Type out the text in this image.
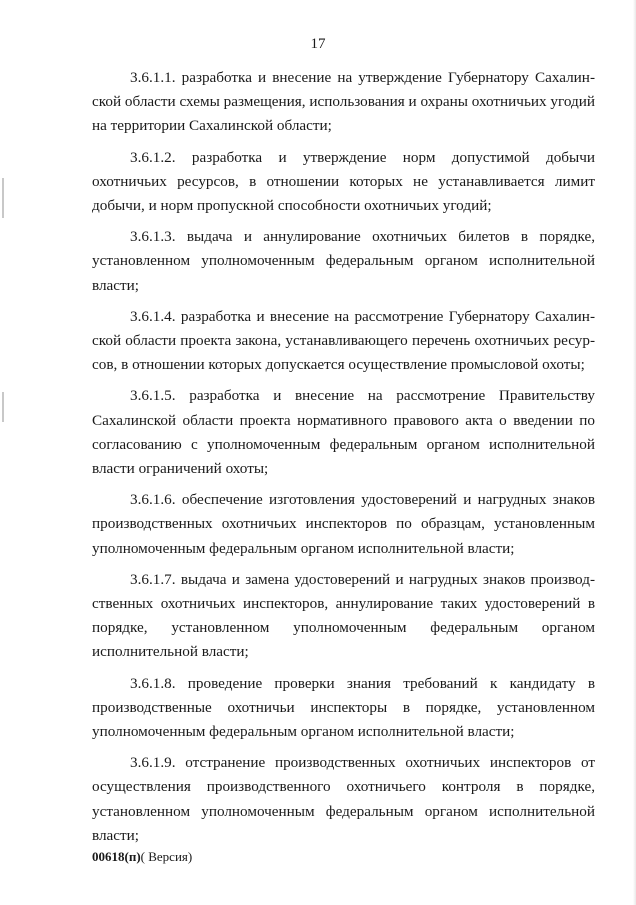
17

3.6.1.1. разработка и внесение на утверждение Губернатору Сахалинской области схемы размещения, использования и охраны охотничьих угодий на территории Сахалинской области;

3.6.1.2. разработка и утверждение норм допустимой добычи охотничьих ресурсов, в отношении которых не устанавливается лимит добычи, и норм пропускной способности охотничьих угодий;

3.6.1.3. выдача и аннулирование охотничьих билетов в порядке, установленном уполномоченным федеральным органом исполнительной власти;

3.6.1.4. разработка и внесение на рассмотрение Губернатору Сахалинской области проекта закона, устанавливающего перечень охотничьих ресурсов, в отношении которых допускается осуществление промысловой охоты;

3.6.1.5. разработка и внесение на рассмотрение Правительству Сахалинской области проекта нормативного правового акта о введении по согласованию с уполномоченным федеральным органом исполнительной власти ограничений охоты;

3.6.1.6. обеспечение изготовления удостоверений и нагрудных знаков производственных охотничьих инспекторов по образцам, установленным уполномоченным федеральным органом исполнительной власти;

3.6.1.7. выдача и замена удостоверений и нагрудных знаков производственных охотничьих инспекторов, аннулирование таких удостоверений в порядке, установленном уполномоченным федеральным органом исполнительной власти;

3.6.1.8. проведение проверки знания требований к кандидату в производственные охотничьи инспекторы в порядке, установленном уполномоченным федеральным органом исполнительной власти;

3.6.1.9. отстранение производственных охотничьих инспекторов от осуществления производственного охотничьего контроля в порядке, установленном уполномоченным федеральным органом исполнительной власти;

00618(п)( Версия)
